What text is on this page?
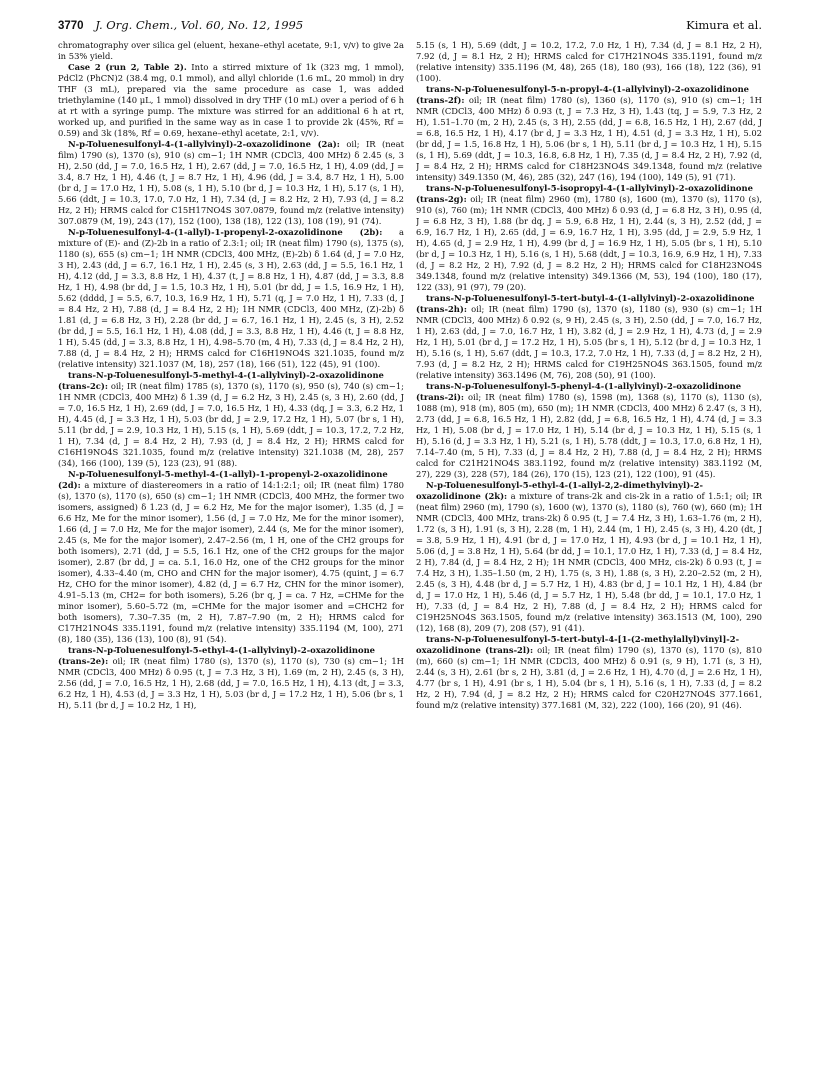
3770 J. Org. Chem., Vol. 60, No. 12, 1995	Kimura et al.

chromatography over silica gel (eluent, hexane–ethyl acetate, 9:1, v/v) to give 2a in 53% yield.

Case 2 (run 2, Table 2). Into a stirred mixture of 1k (323 mg, 1 mmol), PdCl2 (PhCN)2 (38.4 mg, 0.1 mmol), and allyl chloride (1.6 mL, 20 mmol) in dry THF (3 mL), prepared via the same procedure as case 1, was added triethylamine (140 μL, 1 mmol) dissolved in dry THF (10 mL) over a period of 6 h at rt with a syringe pump. The mixture was stirred for an additional 6 h at rt, worked up, and purified in the same way as in case 1 to provide 2k (45%, Rf = 0.59) and 3k (18%, Rf = 0.69, hexane–ethyl acetate, 2:1, v/v).

N-p-Toluenesulfonyl-4-(1-allylvinyl)-2-oxazolidinone (2a): oil; IR (neat film) 1790 (s), 1370 (s), 910 (s) cm−1; 1H NMR (CDCl3, 400 MHz) δ 2.45 (s, 3 H), 2.50 (dd, J = 7.0, 16.5 Hz, 1 H), 2.67 (dd, J = 7.0, 16.5 Hz, 1 H), 4.09 (dd, J = 3.4, 8.7 Hz, 1 H), 4.46 (t, J = 8.7 Hz, 1 H), 4.96 (dd, J = 3.4, 8.7 Hz, 1 H), 5.00 (br d, J = 17.0 Hz, 1 H), 5.08 (s, 1 H), 5.10 (br d, J = 10.3 Hz, 1 H), 5.17 (s, 1 H), 5.66 (ddt, J = 10.3, 17.0, 7.0 Hz, 1 H), 7.34 (d, J = 8.2 Hz, 2 H), 7.93 (d, J = 8.2 Hz, 2 H); HRMS calcd for C15H17NO4S 307.0879, found m/z (relative intensity) 307.0879 (M, 19), 243 (17), 152 (100), 138 (18), 122 (13), 108 (19), 91 (74).

N-p-Toluenesulfonyl-4-(1-allyl)-1-propenyl-2-oxazolidinone (2b): a mixture of (E)- and (Z)-2b in a ratio of 2.3:1; oil; IR (neat film) 1790 (s), 1375 (s), 1180 (s), 655 (s) cm−1; 1H NMR (CDCl3, 400 MHz, (E)-2b) δ 1.64 (d, J = 7.0 Hz, 3 H), 2.43 (dd, J = 6.7, 16.1 Hz, 1 H), 2.45 (s, 3 H), 2.63 (dd, J = 5.5, 16.1 Hz, 1 H), 4.12 (dd, J = 3.3, 8.8 Hz, 1 H), 4.37 (t, J = 8.8 Hz, 1 H), 4.87 (dd, J = 3.3, 8.8 Hz, 1 H), 4.98 (br dd, J = 1.5, 10.3 Hz, 1 H), 5.01 (br dd, J = 1.5, 16.9 Hz, 1 H), 5.62 (dddd, J = 5.5, 6.7, 10.3, 16.9 Hz, 1 H), 5.71 (q, J = 7.0 Hz, 1 H), 7.33 (d, J = 8.4 Hz, 2 H), 7.88 (d, J = 8.4 Hz, 2 H); 1H NMR (CDCl3, 400 MHz, (Z)-2b) δ 1.81 (d, J = 6.8 Hz, 3 H), 2.28 (br dd, J = 6.7, 16.1 Hz, 1 H), 2.45 (s, 3 H), 2.52 (br dd, J = 5.5, 16.1 Hz, 1 H), 4.08 (dd, J = 3.3, 8.8 Hz, 1 H), 4.46 (t, J = 8.8 Hz, 1 H), 5.45 (dd, J = 3.3, 8.8 Hz, 1 H), 4.98–5.70 (m, 4 H), 7.33 (d, J = 8.4 Hz, 2 H), 7.88 (d, J = 8.4 Hz, 2 H); HRMS calcd for C16H19NO4S 321.1035, found m/z (relative intensity) 321.1037 (M, 18), 257 (18), 166 (51), 122 (45), 91 (100).

trans-N-p-Toluenesulfonyl-5-methyl-4-(1-allylvinyl)-2-oxazolidinone (trans-2c): oil; IR (neat film) 1785 (s), 1370 (s), 1170 (s), 950 (s), 740 (s) cm−1; 1H NMR (CDCl3, 400 MHz) δ 1.39 (d, J = 6.2 Hz, 3 H), 2.45 (s, 3 H), 2.60 (dd, J = 7.0, 16.5 Hz, 1 H), 2.69 (dd, J = 7.0, 16.5 Hz, 1 H), 4.33 (dq, J = 3.3, 6.2 Hz, 1 H), 4.45 (d, J = 3.3 Hz, 1 H), 5.03 (br dd, J = 2.9, 17.2 Hz, 1 H), 5.07 (br s, 1 H), 5.11 (br dd, J = 2.9, 10.3 Hz, 1 H), 5.15 (s, 1 H), 5.69 (ddt, J = 10.3, 17.2, 7.2 Hz, 1 H), 7.34 (d, J = 8.4 Hz, 2 H), 7.93 (d, J = 8.4 Hz, 2 H); HRMS calcd for C16H19NO4S 321.1035, found m/z (relative intensity) 321.1038 (M, 28), 257 (34), 166 (100), 139 (5), 123 (23), 91 (88).

N-p-Toluenesulfonyl-5-methyl-4-(1-allyl)-1-propenyl-2-oxazolidinone (2d): a mixture of diastereomers in a ratio of 14:1:2:1; oil; IR (neat film) 1780 (s), 1370 (s), 1170 (s), 650 (s) cm−1; 1H NMR (CDCl3, 400 MHz, the former two isomers, assigned) δ 1.23 (d, J = 6.2 Hz, Me for the major isomer), 1.35 (d, J = 6.6 Hz, Me for the minor isomer), 1.56 (d, J = 7.0 Hz, Me for the minor isomer), 1.66 (d, J = 7.0 Hz, Me for the major isomer), 2.44 (s, Me for the minor isomer), 2.45 (s, Me for the major isomer), 2.47–2.56 (m, 1 H, one of the CH2 groups for both isomers), 2.71 (dd, J = 5.5, 16.1 Hz, one of the CH2 groups for the major isomer), 2.87 (br dd, J = ca. 5.1, 16.0 Hz, one of the CH2 groups for the minor isomer), 4.33–4.40 (m, CHO and CHN for the major isomer), 4.75 (quint, J = 6.7 Hz, CHO for the minor isomer), 4.82 (d, J = 6.7 Hz, CHN for the minor isomer), 4.91–5.13 (m, CH2= for both isomers), 5.26 (br q, J = ca. 7 Hz, =CHMe for the minor isomer), 5.60–5.72 (m, =CHMe for the major isomer and =CHCH2 for both isomers), 7.30–7.35 (m, 2 H), 7.87–7.90 (m, 2 H); HRMS calcd for C17H21NO4S 335.1191, found m/z (relative intensity) 335.1194 (M, 100), 271 (8), 180 (35), 136 (13), 100 (8), 91 (54).

trans-N-p-Toluenesulfonyl-5-ethyl-4-(1-allylvinyl)-2-oxazolidinone (trans-2e): oil; IR (neat film) 1780 (s), 1370 (s), 1170 (s), 730 (s) cm−1; 1H NMR (CDCl3, 400 MHz) δ 0.95 (t, J = 7.3 Hz, 3 H), 1.69 (m, 2 H), 2.45 (s, 3 H), 2.56 (dd, J = 7.0, 16.5 Hz, 1 H), 2.68 (dd, J = 7.0, 16.5 Hz, 1 H), 4.13 (dt, J = 3.3, 6.2 Hz, 1 H), 4.53 (d, J = 3.3 Hz, 1 H), 5.03 (br d, J = 17.2 Hz, 1 H), 5.06 (br s, 1 H), 5.11 (br d, J = 10.2 Hz, 1 H),

5.15 (s, 1 H), 5.69 (ddt, J = 10.2, 17.2, 7.0 Hz, 1 H), 7.34 (d, J = 8.1 Hz, 2 H), 7.92 (d, J = 8.1 Hz, 2 H); HRMS calcd for C17H21NO4S 335.1191, found m/z (relative intensity) 335.1196 (M, 48), 265 (18), 180 (93), 166 (18), 122 (36), 91 (100).

trans-N-p-Toluenesulfonyl-5-n-propyl-4-(1-allylvinyl)-2-oxazolidinone (trans-2f): oil; IR (neat film) 1780 (s), 1360 (s), 1170 (s), 910 (s) cm−1; 1H NMR (CDCl3, 400 MHz) δ 0.93 (t, J = 7.3 Hz, 3 H), 1.43 (tq, J = 5.9, 7.3 Hz, 2 H), 1.51–1.70 (m, 2 H), 2.45 (s, 3 H), 2.55 (dd, J = 6.8, 16.5 Hz, 1 H), 2.67 (dd, J = 6.8, 16.5 Hz, 1 H), 4.17 (br d, J = 3.3 Hz, 1 H), 4.51 (d, J = 3.3 Hz, 1 H), 5.02 (br dd, J = 1.5, 16.8 Hz, 1 H), 5.06 (br s, 1 H), 5.11 (br d, J = 10.3 Hz, 1 H), 5.15 (s, 1 H), 5.69 (ddt, J = 10.3, 16.8, 6.8 Hz, 1 H), 7.35 (d, J = 8.4 Hz, 2 H), 7.92 (d, J = 8.4 Hz, 2 H); HRMS calcd for C18H23NO4S 349.1348, found m/z (relative intensity) 349.1350 (M, 46), 285 (32), 247 (16), 194 (100), 149 (5), 91 (71).

trans-N-p-Toluenesulfonyl-5-isopropyl-4-(1-allylvinyl)-2-oxazolidinone (trans-2g): oil; IR (neat film) 2960 (m), 1780 (s), 1600 (m), 1370 (s), 1170 (s), 910 (s), 760 (m); 1H NMR (CDCl3, 400 MHz) δ 0.93 (d, J = 6.8 Hz, 3 H), 0.95 (d, J = 6.8 Hz, 3 H), 1.88 (br dq, J = 5.9, 6.8 Hz, 1 H), 2.44 (s, 3 H), 2.52 (dd, J = 6.9, 16.7 Hz, 1 H), 2.65 (dd, J = 6.9, 16.7 Hz, 1 H), 3.95 (dd, J = 2.9, 5.9 Hz, 1 H), 4.65 (d, J = 2.9 Hz, 1 H), 4.99 (br d, J = 16.9 Hz, 1 H), 5.05 (br s, 1 H), 5.10 (br d, J = 10.3 Hz, 1 H), 5.16 (s, 1 H), 5.68 (ddt, J = 10.3, 16.9, 6.9 Hz, 1 H), 7.33 (d, J = 8.2 Hz, 2 H), 7.92 (d, J = 8.2 Hz, 2 H); HRMS calcd for C18H23NO4S 349.1348, found m/z (relative intensity) 349.1366 (M, 53), 194 (100), 180 (17), 122 (33), 91 (97), 79 (20).

trans-N-p-Toluenesulfonyl-5-tert-butyl-4-(1-allylvinyl)-2-oxazolidinone (trans-2h): oil; IR (neat film) 1790 (s), 1370 (s), 1180 (s), 930 (s) cm−1; 1H NMR (CDCl3, 400 MHz) δ 0.92 (s, 9 H), 2.45 (s, 3 H), 2.50 (dd, J = 7.0, 16.7 Hz, 1 H), 2.63 (dd, J = 7.0, 16.7 Hz, 1 H), 3.82 (d, J = 2.9 Hz, 1 H), 4.73 (d, J = 2.9 Hz, 1 H), 5.01 (br d, J = 17.2 Hz, 1 H), 5.05 (br s, 1 H), 5.12 (br d, J = 10.3 Hz, 1 H), 5.16 (s, 1 H), 5.67 (ddt, J = 10.3, 17.2, 7.0 Hz, 1 H), 7.33 (d, J = 8.2 Hz, 2 H), 7.93 (d, J = 8.2 Hz, 2 H); HRMS calcd for C19H25NO4S 363.1505, found m/z (relative intensity) 363.1496 (M, 76), 208 (50), 91 (100).

trans-N-p-Toluenesulfonyl-5-phenyl-4-(1-allylvinyl)-2-oxazolidinone (trans-2i): oil; IR (neat film) 1780 (s), 1598 (m), 1368 (s), 1170 (s), 1130 (s), 1088 (m), 918 (m), 805 (m), 650 (m); 1H NMR (CDCl3, 400 MHz) δ 2.47 (s, 3 H), 2.73 (dd, J = 6.8, 16.5 Hz, 1 H), 2.82 (dd, J = 6.8, 16.5 Hz, 1 H), 4.74 (d, J = 3.3 Hz, 1 H), 5.08 (br d, J = 17.0 Hz, 1 H), 5.14 (br d, J = 10.3 Hz, 1 H), 5.15 (s, 1 H), 5.16 (d, J = 3.3 Hz, 1 H), 5.21 (s, 1 H), 5.78 (ddt, J = 10.3, 17.0, 6.8 Hz, 1 H), 7.14–7.40 (m, 5 H), 7.33 (d, J = 8.4 Hz, 2 H), 7.88 (d, J = 8.4 Hz, 2 H); HRMS calcd for C21H21NO4S 383.1192, found m/z (relative intensity) 383.1192 (M, 27), 229 (3), 228 (57), 184 (26), 170 (15), 123 (21), 122 (100), 91 (45).

N-p-Toluenesulfonyl-5-ethyl-4-(1-allyl-2,2-dimethylvinyl)-2-oxazolidinone (2k): a mixture of trans-2k and cis-2k in a ratio of 1.5:1; oil; IR (neat film) 2960 (m), 1790 (s), 1600 (w), 1370 (s), 1180 (s), 760 (w), 660 (m); 1H NMR (CDCl3, 400 MHz, trans-2k) δ 0.95 (t, J = 7.4 Hz, 3 H), 1.63–1.76 (m, 2 H), 1.72 (s, 3 H), 1.91 (s, 3 H), 2.28 (m, 1 H), 2.44 (m, 1 H), 2.45 (s, 3 H), 4.20 (dt, J = 3.8, 5.9 Hz, 1 H), 4.91 (br d, J = 17.0 Hz, 1 H), 4.93 (br d, J = 10.1 Hz, 1 H), 5.06 (d, J = 3.8 Hz, 1 H), 5.64 (br dd, J = 10.1, 17.0 Hz, 1 H), 7.33 (d, J = 8.4 Hz, 2 H), 7.84 (d, J = 8.4 Hz, 2 H); 1H NMR (CDCl3, 400 MHz, cis-2k) δ 0.93 (t, J = 7.4 Hz, 3 H), 1.35–1.50 (m, 2 H), 1.75 (s, 3 H), 1.88 (s, 3 H), 2.20–2.52 (m, 2 H), 2.45 (s, 3 H), 4.48 (br d, J = 5.7 Hz, 1 H), 4.83 (br d, J = 10.1 Hz, 1 H), 4.84 (br d, J = 17.0 Hz, 1 H), 5.46 (d, J = 5.7 Hz, 1 H), 5.48 (br dd, J = 10.1, 17.0 Hz, 1 H), 7.33 (d, J = 8.4 Hz, 2 H), 7.88 (d, J = 8.4 Hz, 2 H); HRMS calcd for C19H25NO4S 363.1505, found m/z (relative intensity) 363.1513 (M, 100), 290 (12), 168 (8), 209 (7), 208 (57), 91 (41).

trans-N-p-Toluenesulfonyl-5-tert-butyl-4-[1-(2-methylallyl)vinyl]-2-oxazolidinone (trans-2l): oil; IR (neat film) 1790 (s), 1370 (s), 1170 (s), 810 (m), 660 (s) cm−1; 1H NMR (CDCl3, 400 MHz) δ 0.91 (s, 9 H), 1.71 (s, 3 H), 2.44 (s, 3 H), 2.61 (br s, 2 H), 3.81 (d, J = 2.6 Hz, 1 H), 4.70 (d, J = 2.6 Hz, 1 H), 4.77 (br s, 1 H), 4.91 (br s, 1 H), 5.04 (br s, 1 H), 5.16 (s, 1 H), 7.33 (d, J = 8.2 Hz, 2 H), 7.94 (d, J = 8.2 Hz, 2 H); HRMS calcd for C20H27NO4S 377.1661, found m/z (relative intensity) 377.1681 (M, 32), 222 (100), 166 (20), 91 (46).
